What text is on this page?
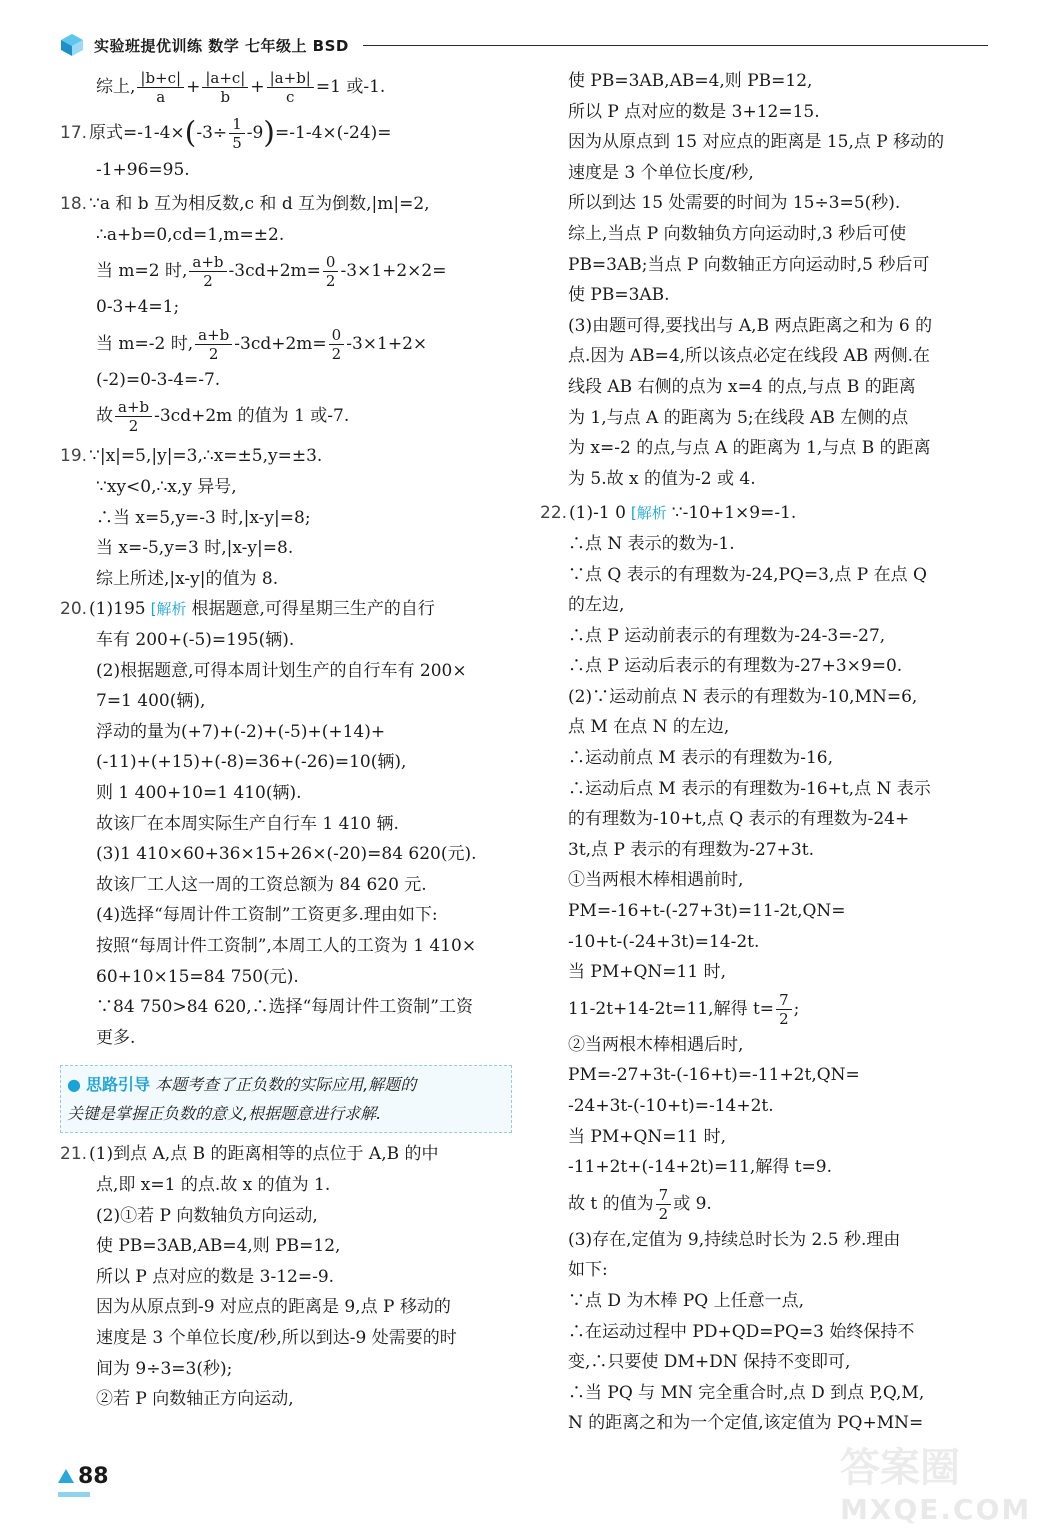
实验班提优训练 数学 七年级上 BSD
综上, $\frac{|b+c|}{a} + \frac{|a+c|}{b} + \frac{|a+b|}{c} =1$ 或-1.
17. 原式$=-1-4\times(-3\div \frac{1}{5} -9)=-1-4\times(-24)=$
-1+96=95.
18. ∵a 和 b 互为相反数,c 和 d 互为倒数,|m|=2,
∴a+b=0,cd=1,m=±2.
当 m=2 时, $\frac{a+b}{2} -3cd+2m= \frac{0}{2} -3\times 1+2\times 2=$
0-3+4=1;
当 m=-2 时, $\frac{a+b}{2} -3cd+2m= \frac{0}{2} -3\times 1+2\times$
(-2)=0-3-4=-7.
故 $\frac{a+b}{2} -3cd+2m$ 的值为 1 或-7.
19. ∵|x|=5,|y|=3,∴x=±5,y=±3.
∵xy<0,∴x,y 异号,
∴当 x=5,y=-3 时,|x-y|=8;
当 x=-5,y=3 时,|x-y|=8.
综上所述,|x-y|的值为 8.
20. (1)195 [ 解析 根据题意,可得星期三生产的自行
车有 200+(-5)=195(辆).
(2)根据题意,可得本周计划生产的自行车有 200×
7=1 400(辆),
浮动的量为(+7)+(-2)+(-5)+(+14)+
(-11)+(+15)+(-8)=36+(-26)=10(辆),
则 1 400+10=1 410(辆).
故该厂在本周实际生产自行车 1 410 辆.
(3)1 410×60+36×15+26×(-20)=84 620(元).
故该厂工人这一周的工资总额为 84 620 元.
(4)选择“每周计件工资制”工资更多.理由如下:
按照“每周计件工资制”,本周工人的工资为 1 410×
60+10×15=84 750(元).
∵84 750>84 620,∴选择“每周计件工资制”工资
更多.
● 思路引导 本题考查了正负数的实际应用,解题的
关键是掌握正负数的意义,根据题意进行求解.
21. (1)到点 A,点 B 的距离相等的点位于 A,B 的中
点,即 x=1 的点.故 x 的值为 1.
(2)①若 P 向数轴负方向运动,
使 PB=3AB,AB=4,则 PB=12,
所以 P 点对应的数是 3-12=-9.
因为从原点到-9 对应点的距离是 9,点 P 移动的
速度是 3 个单位长度/秒,所以到达-9 处需要的时
间为 9÷3=3(秒);
②若 P 向数轴正方向运动,
使 PB=3AB,AB=4,则 PB=12,
所以 P 点对应的数是 3+12=15.
因为从原点到 15 对应点的距离是 15,点 P 移动的
速度是 3 个单位长度/秒,
所以到达 15 处需要的时间为 15÷3=5(秒).
综上,当点 P 向数轴负方向运动时,3 秒后可使
PB=3AB;当点 P 向数轴正方向运动时,5 秒后可
使 PB=3AB.
(3)由题可得,要找出与 A,B 两点距离之和为 6 的
点.因为 AB=4,所以该点必定在线段 AB 两侧.在
线段 AB 右侧的点为 x=4 的点,与点 B 的距离
为 1,与点 A 的距离为 5;在线段 AB 左侧的点
为 x=-2 的点,与点 A 的距离为 1,与点 B 的距离
为 5.故 x 的值为-2 或 4.
22. (1)-1 0 [ 解析 ∵-10+1×9=-1.
∴点 N 表示的数为-1.
∵点 Q 表示的有理数为-24,PQ=3,点 P 在点 Q
的左边,
∴点 P 运动前表示的有理数为-24-3=-27,
∴点 P 运动后表示的有理数为-27+3×9=0.
(2)∵运动前点 N 表示的有理数为-10,MN=6,
点 M 在点 N 的左边,
∴运动前点 M 表示的有理数为-16,
∴运动后点 M 表示的有理数为-16+t,点 N 表示
的有理数为-10+t,点 Q 表示的有理数为-24+
3t,点 P 表示的有理数为-27+3t.
①当两根木棒相遇前时,
PM=-16+t-(-27+3t)=11-2t,QN=
-10+t-(-24+3t)=14-2t.
当 PM+QN=11 时,
11-2t+14-2t=11,解得 $t= \frac{7}{2}$ ;
②当两根木棒相遇后时,
PM=-27+3t-(-16+t)=-11+2t,QN=
-24+3t-(-10+t)=-14+2t.
当 PM+QN=11 时,
-11+2t+(-14+2t)=11,解得 t=9.
故 t 的值为 $\frac{7}{2}$ 或 9.
(3)存在,定值为 9,持续总时长为 2.5 秒.理由
如下:
∵点 D 为木棒 PQ 上任意一点,
∴在运动过程中 PD+QD=PQ=3 始终保持不
变,∴只要使 DM+DN 保持不变即可,
∴当 PQ 与 MN 完全重合时,点 D 到点 P,Q,M,
N 的距离之和为一个定值,该定值为 PQ+MN=
88	答案圈
MXQE.COM
